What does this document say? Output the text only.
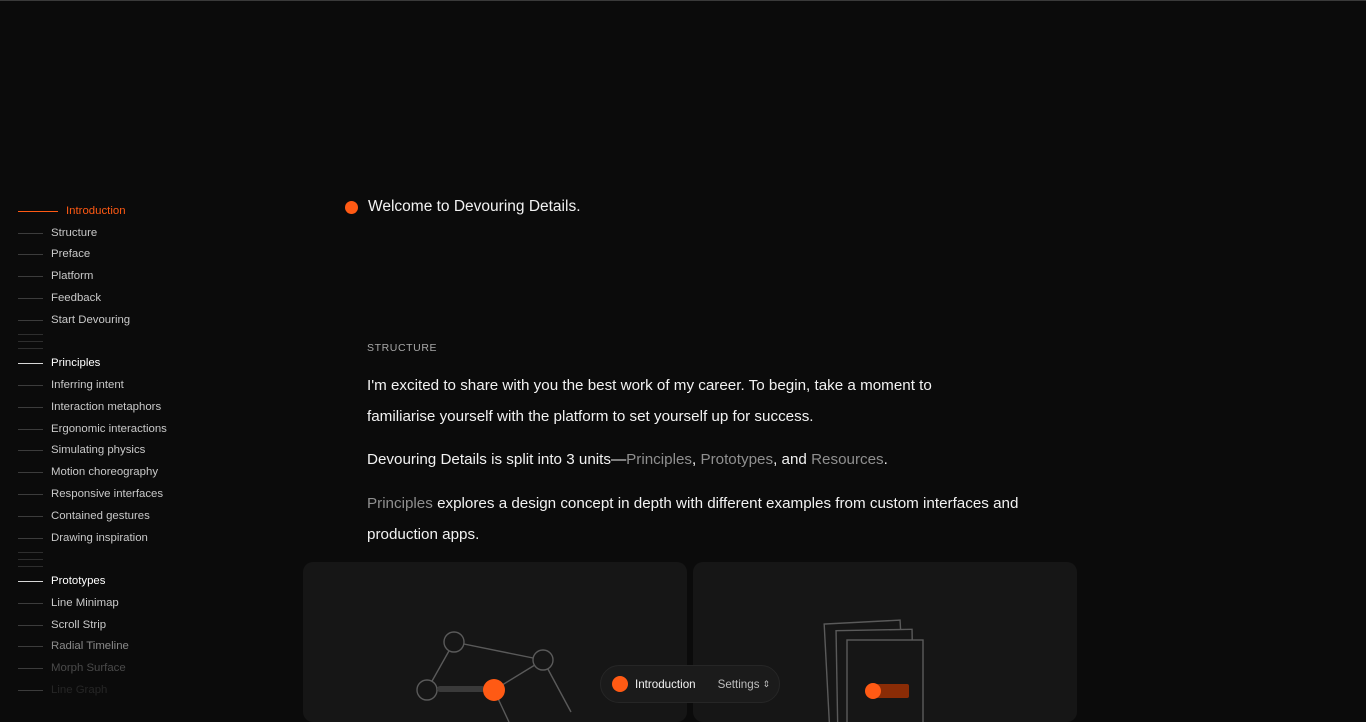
Introduction
Structure
Preface
Platform
Feedback
Start Devouring
Principles
Inferring intent
Interaction metaphors
Ergonomic interactions
Simulating physics
Motion choreography
Responsive interfaces
Contained gestures
Drawing inspiration
Prototypes
Line Minimap
Scroll Strip
Radial Timeline
Morph Surface
Line Graph
Welcome to Devouring Details.
STRUCTURE

I'm excited to share with you the best work of my career. To begin, take a moment to familiarise yourself with the platform to set yourself up for success.

Devouring Details is split into 3 units—Principles, Prototypes, and Resources.

Principles explores a design concept in depth with different examples from custom interfaces and production apps.

Introduction Settings ⇕
